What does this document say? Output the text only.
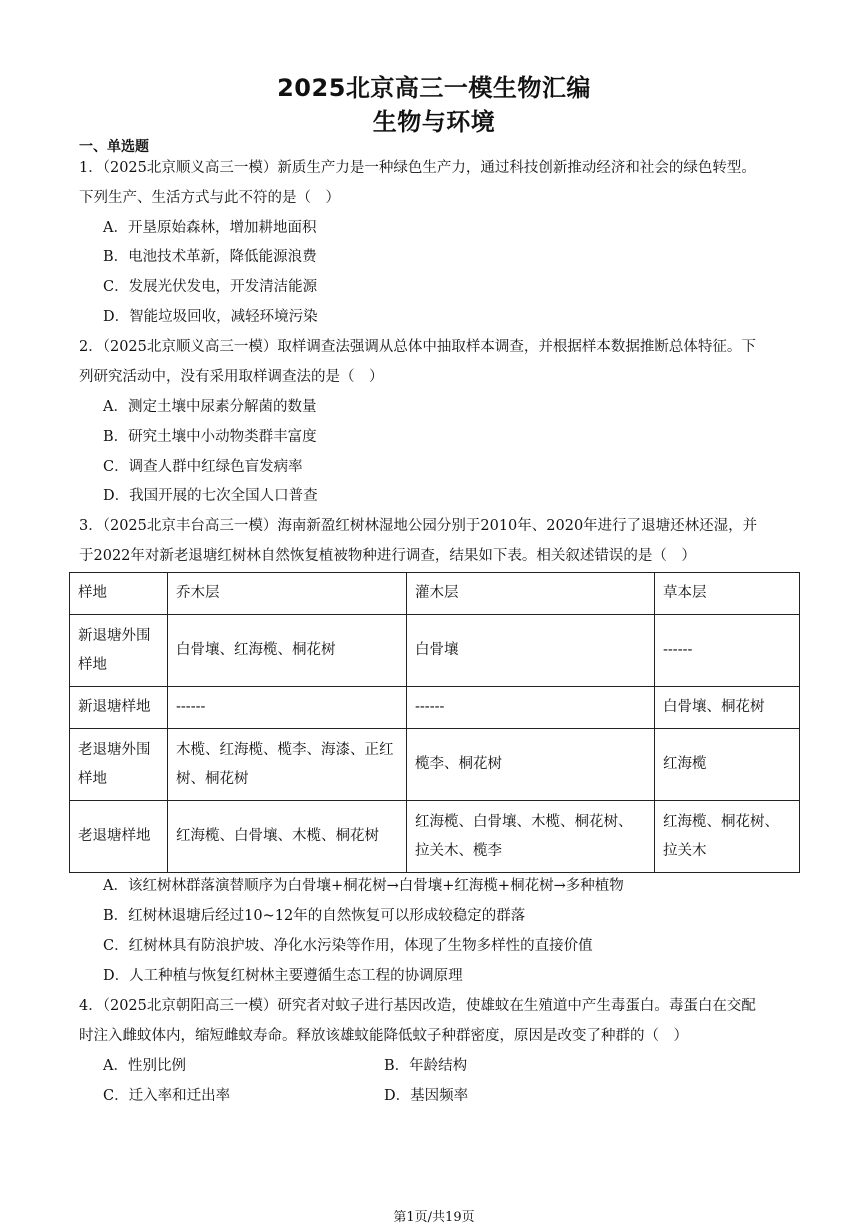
2025北京高三一模生物汇编
生物与环境
一、单选题
1．（2025北京顺义高三一模）新质生产力是一种绿色生产力，通过科技创新推动经济和社会的绿色转型。
下列生产、生活方式与此不符的是（　）
A．开垦原始森林，增加耕地面积
B．电池技术革新，降低能源浪费
C．发展光伏发电，开发清洁能源
D．智能垃圾回收，减轻环境污染
2．（2025北京顺义高三一模）取样调查法强调从总体中抽取样本调查，并根据样本数据推断总体特征。下
列研究活动中，没有采用取样调查法的是（　）
A．测定土壤中尿素分解菌的数量
B．研究土壤中小动物类群丰富度
C．调查人群中红绿色盲发病率
D．我国开展的七次全国人口普查
3．（2025北京丰台高三一模）海南新盈红树林湿地公园分别于2010年、2020年进行了退塘还林还湿，并
于2022年对新老退塘红树林自然恢复植被物种进行调查，结果如下表。相关叙述错误的是（　）
样地	乔木层	灌木层	草本层
新退塘外围样地	白骨壤、红海榄、桐花树	白骨壤	------
新退塘样地	------	------	白骨壤、桐花树
老退塘外围样地	木榄、红海榄、榄李、海漆、正红树、桐花树	榄李、桐花树	红海榄
老退塘样地	红海榄、白骨壤、木榄、桐花树	红海榄、白骨壤、木榄、桐花树、拉关木、榄李	红海榄、桐花树、拉关木
A．该红树林群落演替顺序为白骨壤+桐花树→白骨壤+红海榄+桐花树→多种植物
B．红树林退塘后经过10~12年的自然恢复可以形成较稳定的群落
C．红树林具有防浪护坡、净化水污染等作用，体现了生物多样性的直接价值
D．人工种植与恢复红树林主要遵循生态工程的协调原理
4．（2025北京朝阳高三一模）研究者对蚊子进行基因改造，使雄蚊在生殖道中产生毒蛋白。毒蛋白在交配
时注入雌蚊体内，缩短雌蚊寿命。释放该雄蚊能降低蚊子种群密度，原因是改变了种群的（　）
A．性别比例	B．年龄结构
C．迁入率和迁出率	D．基因频率
第1页/共19页
